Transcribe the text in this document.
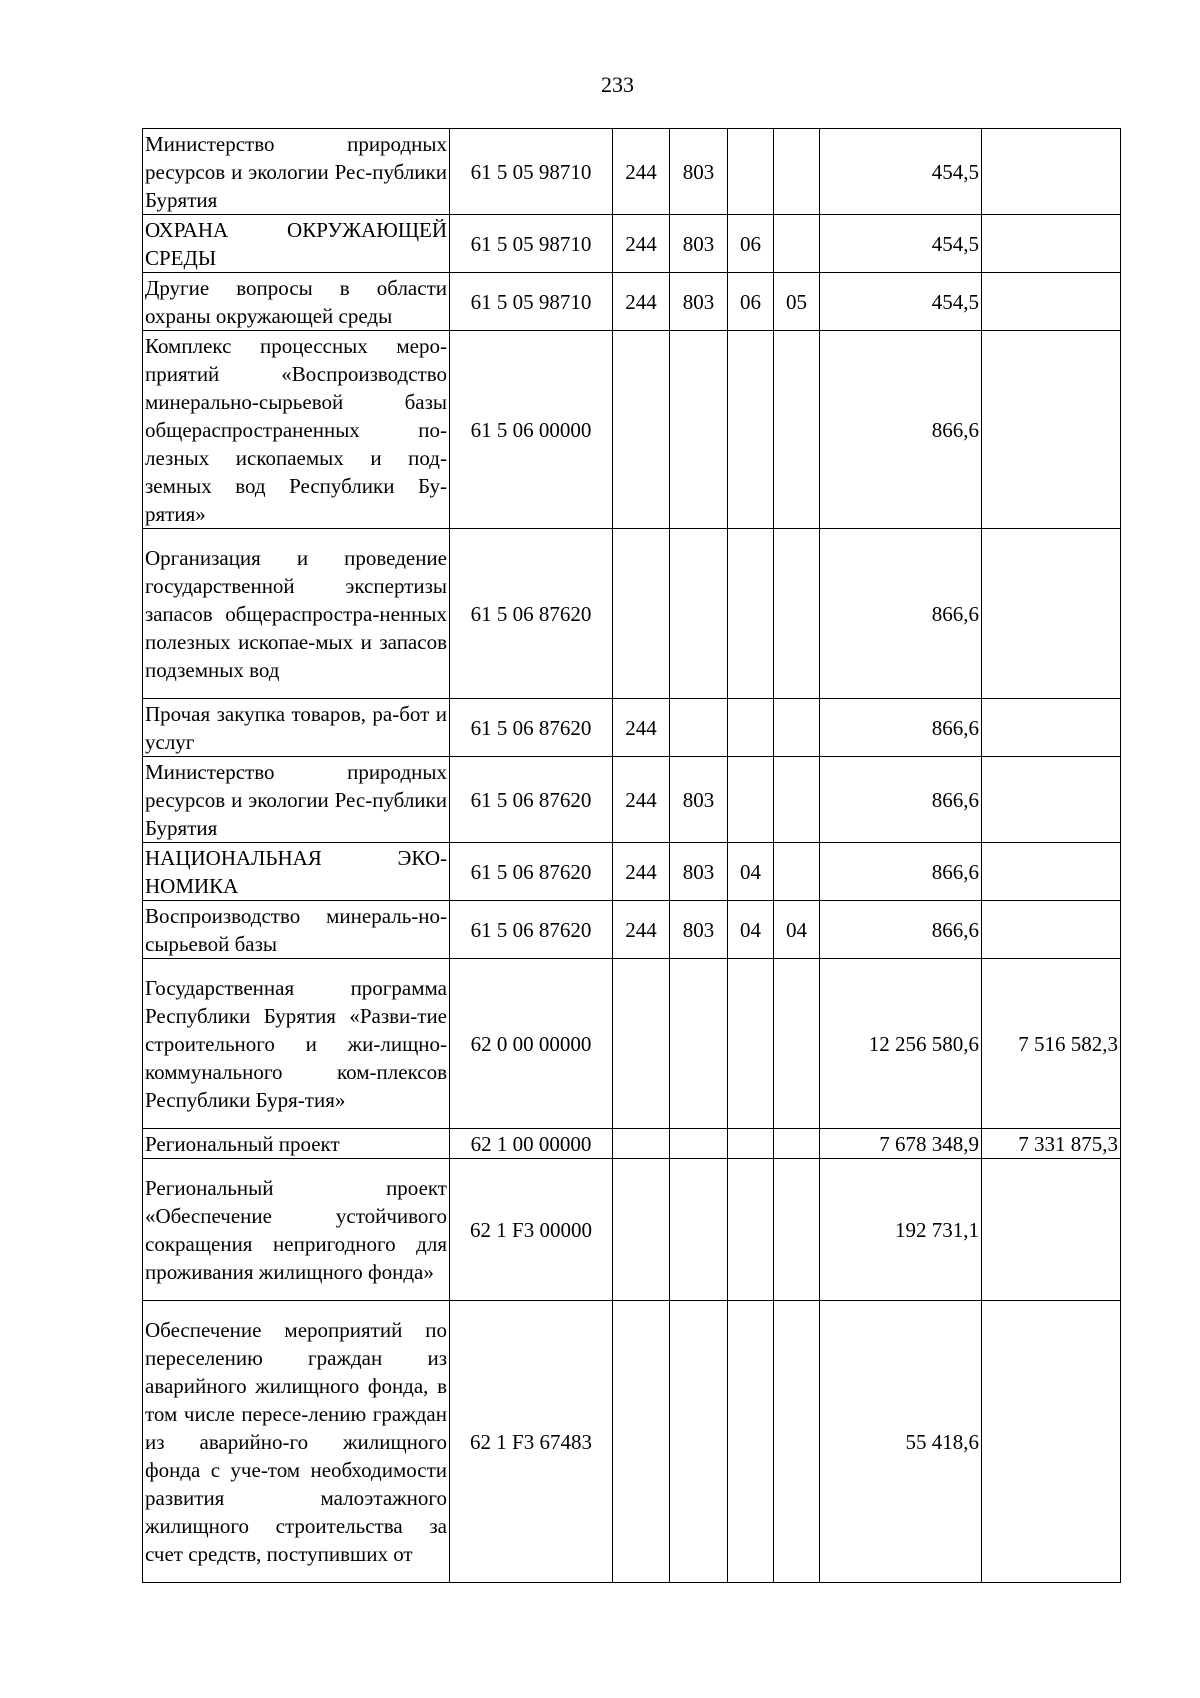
233
Министерство природных ресурсов и экологии Рес-публики Бурятия	61 5 05 98710	244	803			454,5	
ОХРАНА ОКРУЖАЮЩЕЙ СРЕДЫ	61 5 05 98710	244	803	06		454,5	
Другие вопросы в области охраны окружающей среды	61 5 05 98710	244	803	06	05	454,5	
Комплекс процессных меро-приятий «Воспроизводство минерально-сырьевой базы общераспространенных по-лезных ископаемых и под-земных вод Республики Бу-рятия»	61 5 06 00000					866,6	
Организация и проведение государственной экспертизы запасов общераспростра-ненных полезных ископае-мых и запасов подземных вод	61 5 06 87620					866,6	
Прочая закупка товаров, ра-бот и услуг	61 5 06 87620	244				866,6	
Министерство природных ресурсов и экологии Рес-публики Бурятия	61 5 06 87620	244	803			866,6	
НАЦИОНАЛЬНАЯ ЭКО-НОМИКА	61 5 06 87620	244	803	04		866,6	
Воспроизводство минераль-но-сырьевой базы	61 5 06 87620	244	803	04	04	866,6	
Государственная программа Республики Бурятия «Разви-тие строительного и жи-лищно-коммунального ком-плексов Республики Буря-тия»	62 0 00 00000					12 256 580,6	7 516 582,3
Региональный проект	62 1 00 00000					7 678 348,9	7 331 875,3
Региональный проект «Обеспечение устойчивого сокращения непригодного для проживания жилищного фонда»	62 1 F3 00000					192 731,1	
Обеспечение мероприятий по переселению граждан из аварийного жилищного фонда, в том числе пересе-лению граждан из аварийно-го жилищного фонда с уче-том необходимости развития малоэтажного жилищного строительства за счет средств, поступивших от	62 1 F3 67483					55 418,6	
